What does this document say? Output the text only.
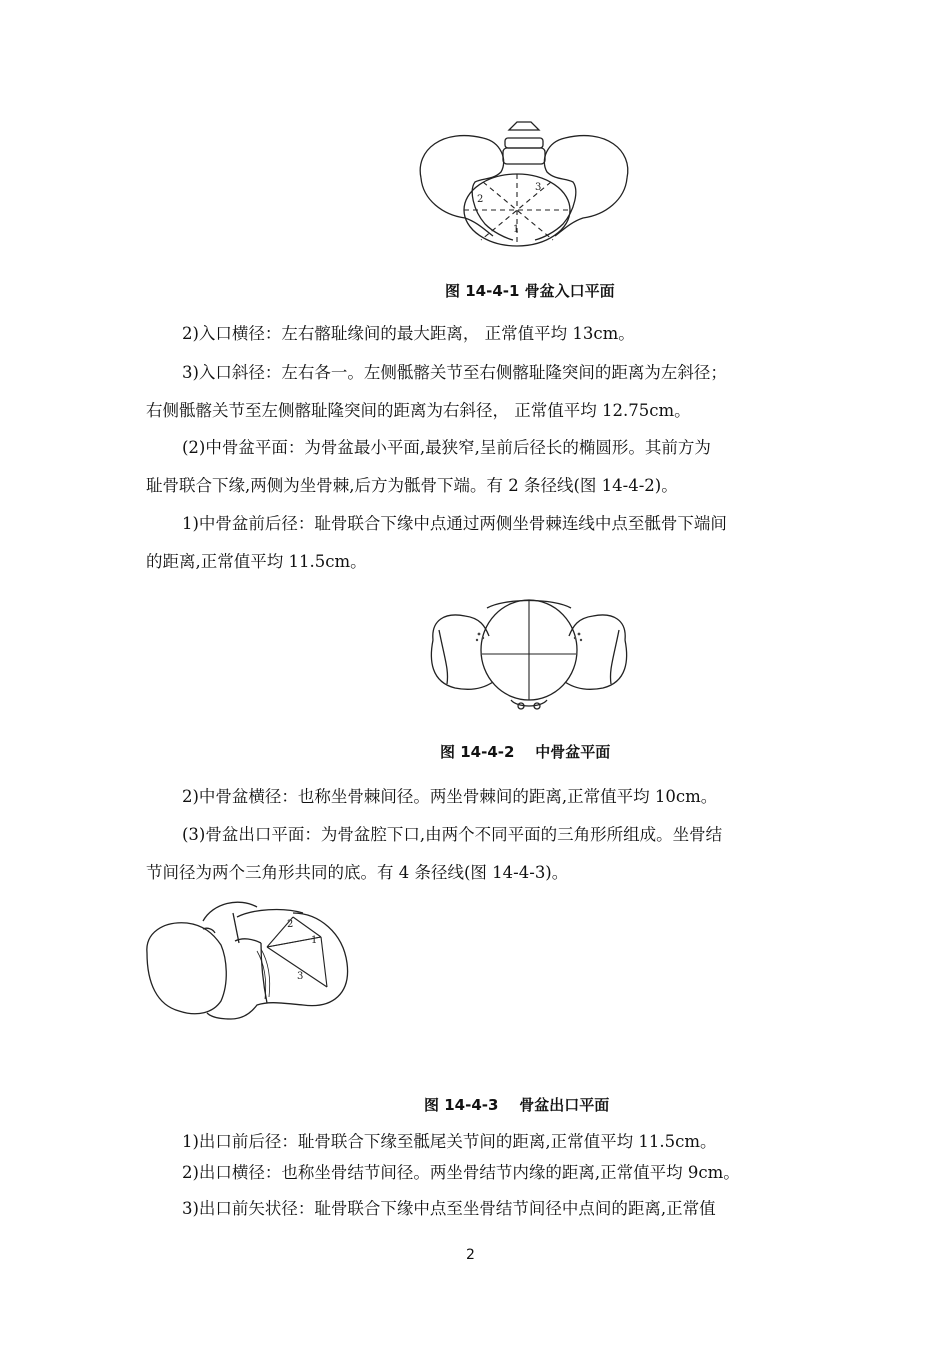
1
2
3
图 14-4-1 骨盆入口平面
2)入口横径：左右髂耻缘间的最大距离， 正常值平均 13cm。
3)入口斜径：左右各一。左侧骶髂关节至右侧髂耻隆突间的距离为左斜径；
右侧骶髂关节至左侧髂耻隆突间的距离为右斜径， 正常值平均 12.75cm。
(2)中骨盆平面：为骨盆最小平面,最狭窄,呈前后径长的椭圆形。其前方为
耻骨联合下缘,两侧为坐骨棘,后方为骶骨下端。有 2 条径线(图 14-4-2)。
1)中骨盆前后径：耻骨联合下缘中点通过两侧坐骨棘连线中点至骶骨下端间
的距离,正常值平均 11.5cm。
图 14-4-2    中骨盆平面
2)中骨盆横径：也称坐骨棘间径。两坐骨棘间的距离,正常值平均 10cm。
(3)骨盆出口平面：为骨盆腔下口,由两个不同平面的三角形所组成。坐骨结
节间径为两个三角形共同的底。有 4 条径线(图 14-4-3)。
1
2
3
图 14-4-3    骨盆出口平面
1)出口前后径：耻骨联合下缘至骶尾关节间的距离,正常值平均 11.5cm。
2)出口横径：也称坐骨结节间径。两坐骨结节内缘的距离,正常值平均 9cm。
3)出口前矢状径：耻骨联合下缘中点至坐骨结节间径中点间的距离,正常值
2
